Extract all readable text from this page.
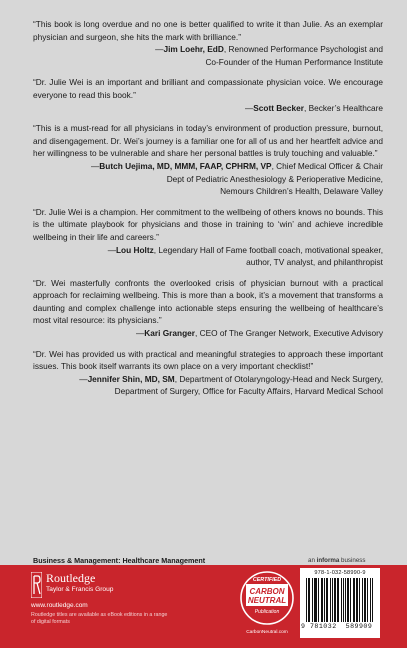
“This book is long overdue and no one is better qualified to write it than Julie. As an exemplar physician and surgeon, she hits the mark with brilliance.”

—Jim Loehr, EdD, Renowned Performance Psychologist and
Co-Founder of the Human Performance Institute

“Dr. Julie Wei is an important and brilliant and compassionate physician voice. We encourage everyone to read this book.”

—Scott Becker, Becker’s Healthcare

“This is a must-read for all physicians in today’s environment of production pressure, burnout, and disengagement. Dr. Wei’s journey is a familiar one for all of us and her heartfelt advice and her willingness to be vulnerable and share her personal battles is truly touching and valuable.”

—Butch Uejima, MD, MMM, FAAP, CPHRM, VP, Chief Medical Officer & Chair
Dept of Pediatric Anesthesiology & Perioperative Medicine,
Nemours Children’s Health, Delaware Valley

“Dr. Julie Wei is a champion. Her commitment to the wellbeing of others knows no bounds. This is the ultimate playbook for physicians and those in training to ‘win’ and achieve incredible wellbeing in their life and careers.”

—Lou Holtz, Legendary Hall of Fame football coach, motivational speaker,
author, TV analyst, and philanthropist

“Dr. Wei masterfully confronts the overlooked crisis of physician burnout with a practical approach for reclaiming wellbeing. This is more than a book, it’s a movement that transforms a daunting and complex challenge into actionable steps ensuring the wellbeing of healthcare’s most vital resource: its physicians.”

—Kari Granger, CEO of The Granger Network, Executive Advisory

“Dr. Wei has provided us with practical and meaningful strategies to approach these important issues. This book itself warrants its own place on a very important checklist!”

—Jennifer Shin, MD, SM, Department of Otolaryngology-Head and Neck Surgery,
Department of Surgery, Office for Faculty Affairs, Harvard Medical School

Business & Management: Healthcare Management	an informa business
Routledge
Taylor & Francis Group
www.routledge.com
Routledge titles are available as eBook editions in a range of digital formats
CERTIFIED
CARBON
NEUTRAL
Publication
CarbonNeutral.com
978-1-032-58990-9
9 781032 589909
